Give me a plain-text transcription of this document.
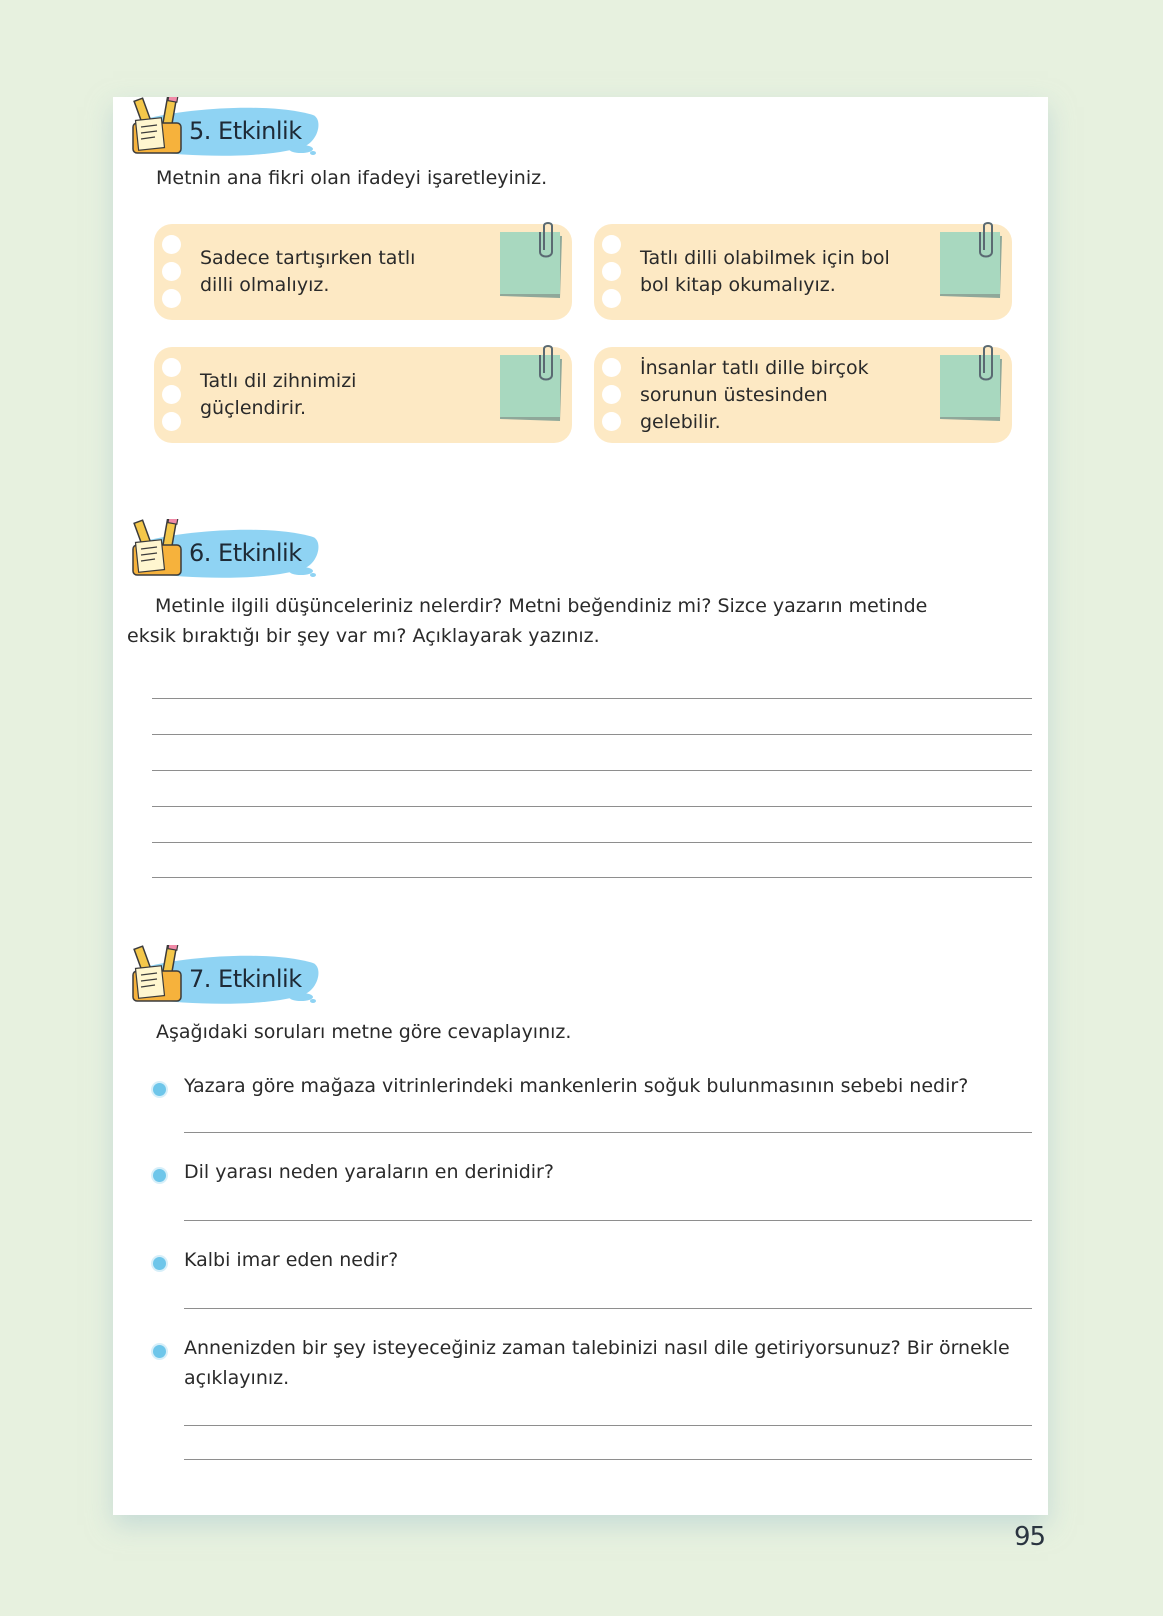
5. Etkinlik
Metnin ana fikri olan ifadeyi işaretleyiniz.
Sadece tartışırken tatlı dilli olmalıyız.
Tatlı dilli olabilmek için bol bol kitap okumalıyız.
Tatlı dil zihnimizi güçlendirir.
İnsanlar tatlı dille birçok sorunun üstesinden gelebilir.
6. Etkinlik
Metinle ilgili düşünceleriniz nelerdir? Metni beğendiniz mi? Sizce yazarın metinde eksik bıraktığı bir şey var mı? Açıklayarak yazınız.
7. Etkinlik
Aşağıdaki soruları metne göre cevaplayınız.
Yazara göre mağaza vitrinlerindeki mankenlerin soğuk bulunmasının sebebi nedir?
Dil yarası neden yaraların en derinidir?
Kalbi imar eden nedir?
Annenizden bir şey isteyeceğiniz zaman talebinizi nasıl dile getiriyorsunuz? Bir örnekle açıklayınız.
95
